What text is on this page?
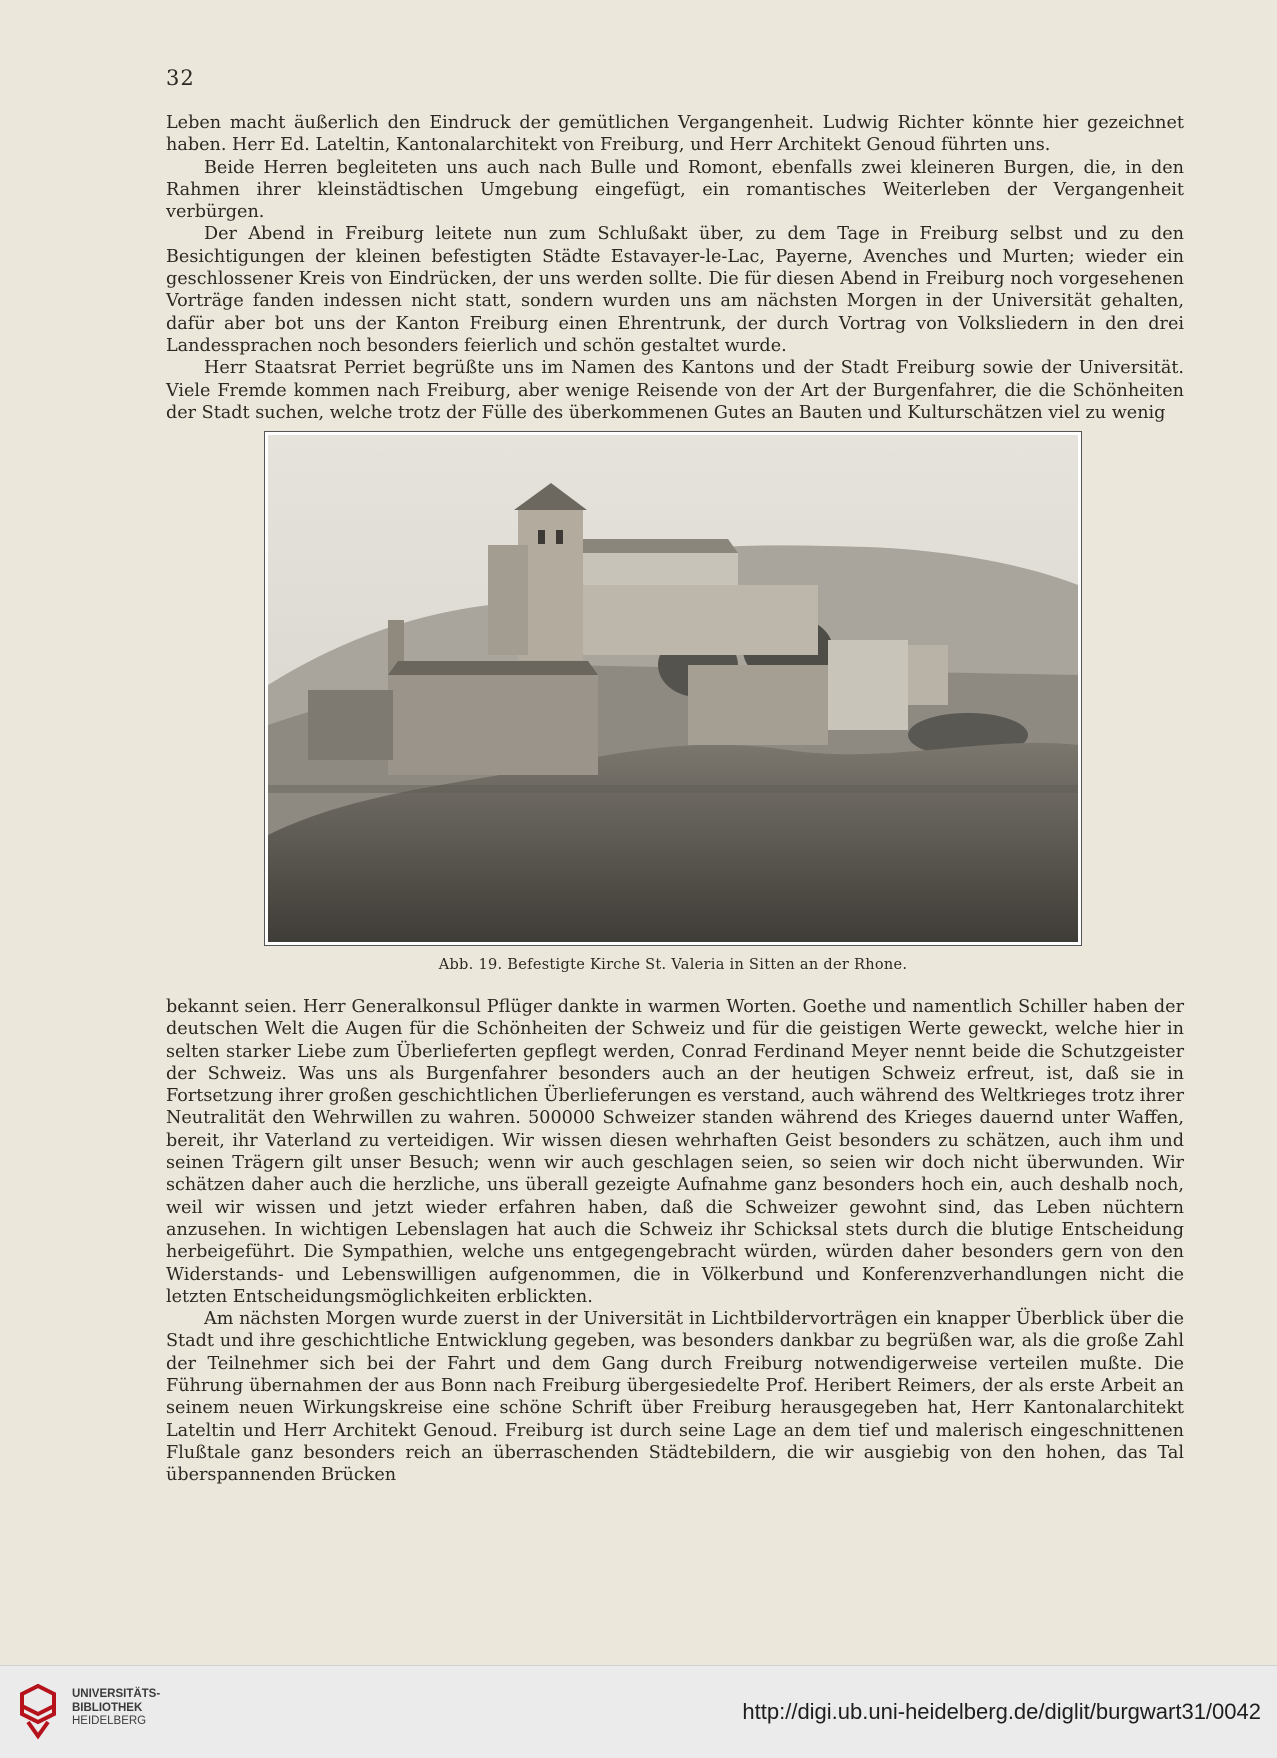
32

Leben macht äußerlich den Eindruck der gemütlichen Vergangenheit. Ludwig Richter könnte hier gezeichnet haben. Herr Ed. Lateltin, Kantonalarchitekt von Freiburg, und Herr Architekt Genoud führten uns.

Beide Herren begleiteten uns auch nach Bulle und Romont, ebenfalls zwei kleineren Burgen, die, in den Rahmen ihrer kleinstädtischen Umgebung eingefügt, ein romantisches Weiterleben der Vergangenheit verbürgen.

Der Abend in Freiburg leitete nun zum Schlußakt über, zu dem Tage in Freiburg selbst und zu den Besichtigungen der kleinen befestigten Städte Estavayer-le-Lac, Payerne, Avenches und Murten; wieder ein geschlossener Kreis von Eindrücken, der uns werden sollte. Die für diesen Abend in Freiburg noch vorgesehenen Vorträge fanden indessen nicht statt, sondern wurden uns am nächsten Morgen in der Universität gehalten, dafür aber bot uns der Kanton Freiburg einen Ehrentrunk, der durch Vortrag von Volksliedern in den drei Landessprachen noch besonders feierlich und schön gestaltet wurde.

Herr Staatsrat Perriet begrüßte uns im Namen des Kantons und der Stadt Freiburg sowie der Universität. Viele Fremde kommen nach Freiburg, aber wenige Reisende von der Art der Burgenfahrer, die die Schönheiten der Stadt suchen, welche trotz der Fülle des überkommenen Gutes an Bauten und Kulturschätzen viel zu wenig

Abb. 19. Befestigte Kirche St. Valeria in Sitten an der Rhone.

bekannt seien. Herr Generalkonsul Pflüger dankte in warmen Worten. Goethe und namentlich Schiller haben der deutschen Welt die Augen für die Schönheiten der Schweiz und für die geistigen Werte geweckt, welche hier in selten starker Liebe zum Überlieferten gepflegt werden, Conrad Ferdinand Meyer nennt beide die Schutzgeister der Schweiz. Was uns als Burgenfahrer besonders auch an der heutigen Schweiz erfreut, ist, daß sie in Fortsetzung ihrer großen geschichtlichen Überlieferungen es verstand, auch während des Weltkrieges trotz ihrer Neutralität den Wehrwillen zu wahren. 500000 Schweizer standen während des Krieges dauernd unter Waffen, bereit, ihr Vaterland zu verteidigen. Wir wissen diesen wehrhaften Geist besonders zu schätzen, auch ihm und seinen Trägern gilt unser Besuch; wenn wir auch geschlagen seien, so seien wir doch nicht überwunden. Wir schätzen daher auch die herzliche, uns überall gezeigte Aufnahme ganz besonders hoch ein, auch deshalb noch, weil wir wissen und jetzt wieder erfahren haben, daß die Schweizer gewohnt sind, das Leben nüchtern anzusehen. In wichtigen Lebenslagen hat auch die Schweiz ihr Schicksal stets durch die blutige Entscheidung herbeigeführt. Die Sympathien, welche uns entgegengebracht würden, würden daher besonders gern von den Widerstands- und Lebenswilligen aufgenommen, die in Völkerbund und Konferenzverhandlungen nicht die letzten Entscheidungsmöglichkeiten erblickten.

Am nächsten Morgen wurde zuerst in der Universität in Lichtbildervorträgen ein knapper Überblick über die Stadt und ihre geschichtliche Entwicklung gegeben, was besonders dankbar zu begrüßen war, als die große Zahl der Teilnehmer sich bei der Fahrt und dem Gang durch Freiburg notwendigerweise verteilen mußte. Die Führung übernahmen der aus Bonn nach Freiburg übergesiedelte Prof. Heribert Reimers, der als erste Arbeit an seinem neuen Wirkungskreise eine schöne Schrift über Freiburg herausgegeben hat, Herr Kantonalarchitekt Lateltin und Herr Architekt Genoud. Freiburg ist durch seine Lage an dem tief und malerisch eingeschnittenen Flußtale ganz besonders reich an überraschenden Städtebildern, die wir ausgiebig von den hohen, das Tal überspannenden Brücken

UNIVERSITÄTS-
BIBLIOTHEK
HEIDELBERG	http://digi.ub.uni-heidelberg.de/diglit/burgwart31/0042
